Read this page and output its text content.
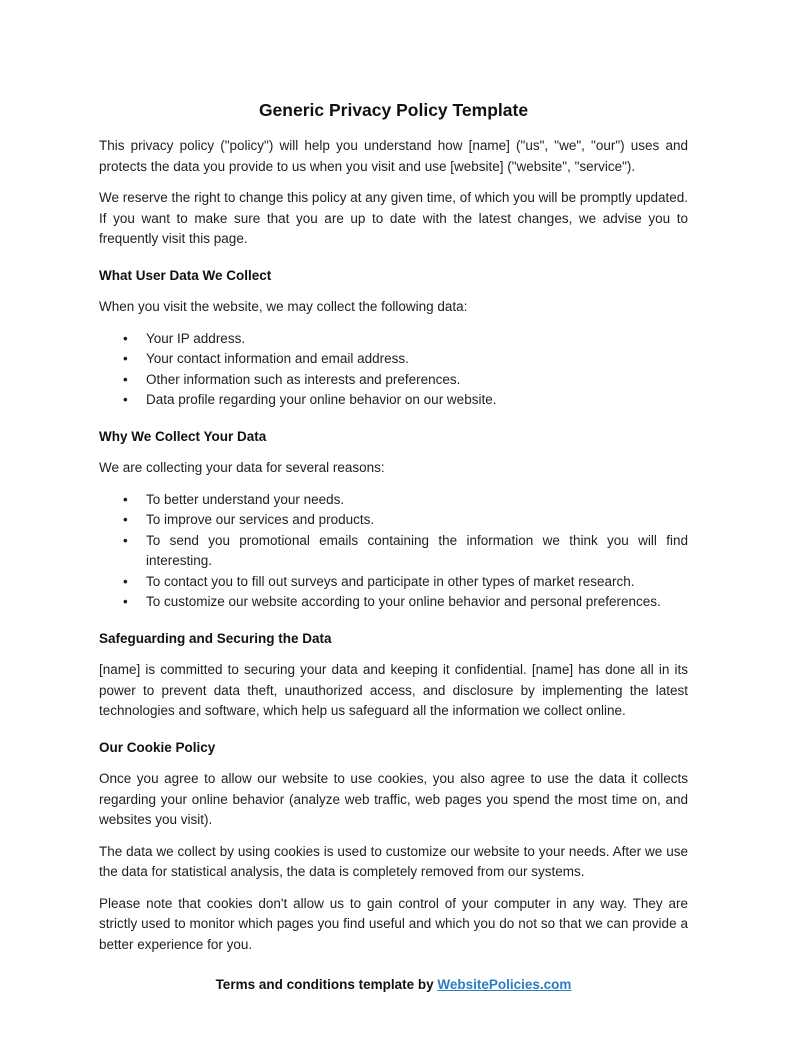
Generic Privacy Policy Template

This privacy policy ("policy") will help you understand how [name] ("us", "we", "our") uses and protects the data you provide to us when you visit and use [website] ("website", "service").

We reserve the right to change this policy at any given time, of which you will be promptly updated. If you want to make sure that you are up to date with the latest changes, we advise you to frequently visit this page.

What User Data We Collect

When you visit the website, we may collect the following data:

• Your IP address.
• Your contact information and email address.
• Other information such as interests and preferences.
• Data profile regarding your online behavior on our website.
Why We Collect Your Data

We are collecting your data for several reasons:

• To better understand your needs.
• To improve our services and products.
• To send you promotional emails containing the information we think you will find interesting.
• To contact you to fill out surveys and participate in other types of market research.
• To customize our website according to your online behavior and personal preferences.
Safeguarding and Securing the Data

[name] is committed to securing your data and keeping it confidential. [name] has done all in its power to prevent data theft, unauthorized access, and disclosure by implementing the latest technologies and software, which help us safeguard all the information we collect online.

Our Cookie Policy

Once you agree to allow our website to use cookies, you also agree to use the data it collects regarding your online behavior (analyze web traffic, web pages you spend the most time on, and websites you visit).

The data we collect by using cookies is used to customize our website to your needs. After we use the data for statistical analysis, the data is completely removed from our systems.

Please note that cookies don't allow us to gain control of your computer in any way. They are strictly used to monitor which pages you find useful and which you do not so that we can provide a better experience for you.

Terms and conditions template by WebsitePolicies.com
